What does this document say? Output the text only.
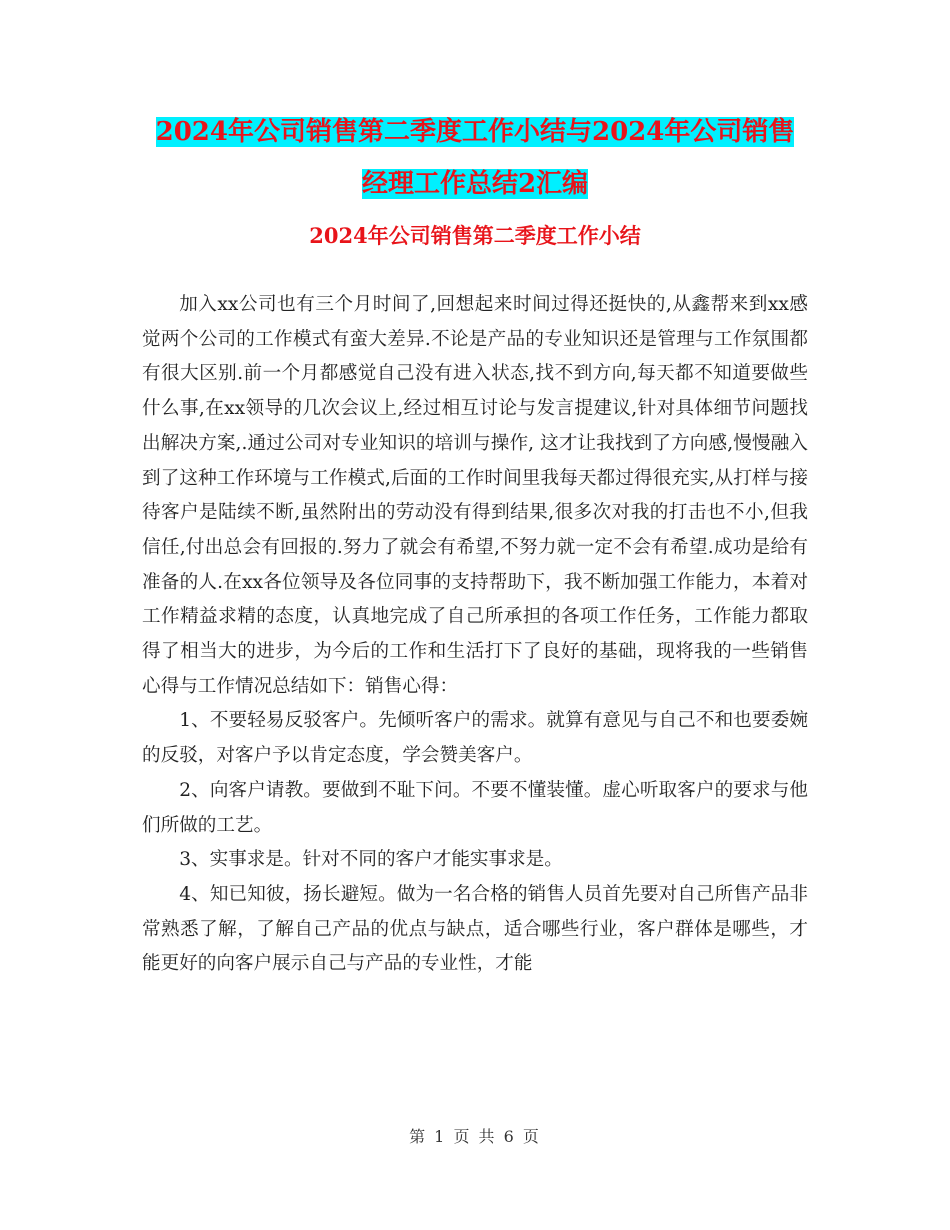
2024年公司销售第二季度工作小结与2024年公司销售
经理工作总结2汇编
2024年公司销售第二季度工作小结

加入xx公司也有三个月时间了,回想起来时间过得还挺快的,从鑫帮来到xx感觉两个公司的工作模式有蛮大差异.不论是产品的专业知识还是管理与工作氛围都有很大区别.前一个月都感觉自己没有进入状态,找不到方向,每天都不知道要做些什么事,在xx领导的几次会议上,经过相互讨论与发言提建议,针对具体细节问题找出解决方案,.通过公司对专业知识的培训与操作, 这才让我找到了方向感,慢慢融入到了这种工作环境与工作模式,后面的工作时间里我每天都过得很充实,从打样与接待客户是陆续不断,虽然附出的劳动没有得到结果,很多次对我的打击也不小,但我信任,付出总会有回报的.努力了就会有希望,不努力就一定不会有希望.成功是给有准备的人.在xx各位领导及各位同事的支持帮助下，我不断加强工作能力，本着对工作精益求精的态度，认真地完成了自己所承担的各项工作任务，工作能力都取得了相当大的进步，为今后的工作和生活打下了良好的基础，现将我的一些销售心得与工作情况总结如下：销售心得：

1、不要轻易反驳客户。先倾听客户的需求。就算有意见与自己不和也要委婉的反驳，对客户予以肯定态度，学会赞美客户。

2、向客户请教。要做到不耻下问。不要不懂装懂。虚心听取客户的要求与他们所做的工艺。

3、实事求是。针对不同的客户才能实事求是。

4、知已知彼，扬长避短。做为一名合格的销售人员首先要对自己所售产品非常熟悉了解，了解自己产品的优点与缺点，适合哪些行业，客户群体是哪些，才能更好的向客户展示自己与产品的专业性，才能

第 1 页 共 6 页
